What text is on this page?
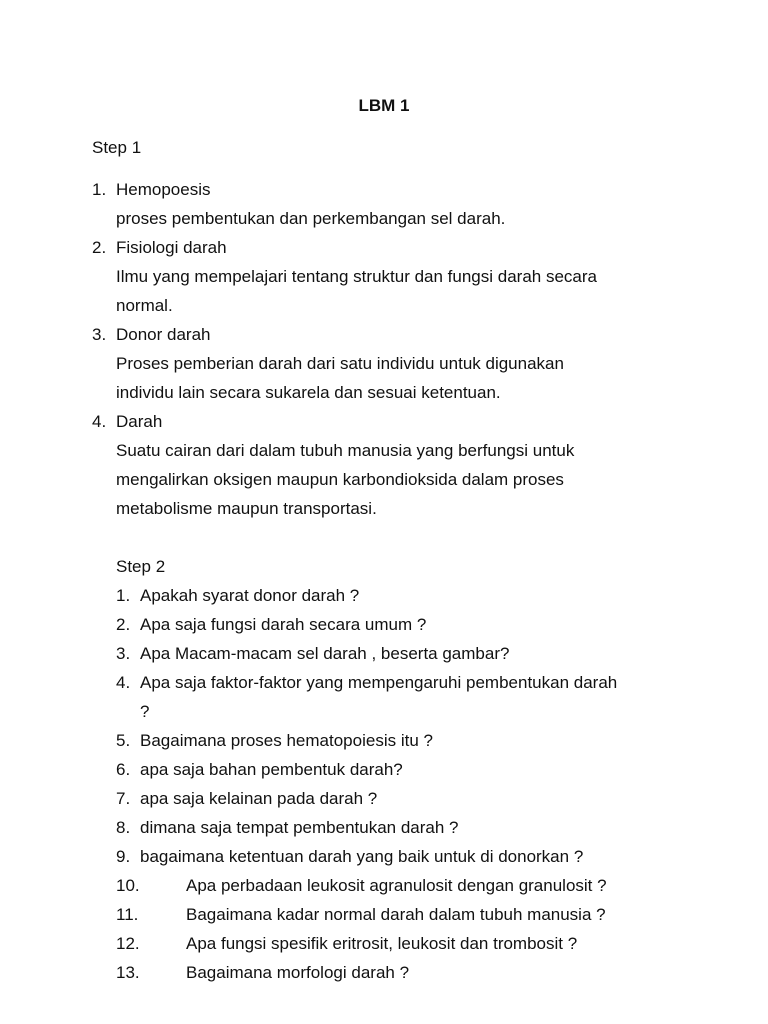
LBM 1
Step 1
1. Hemopoesis
proses pembentukan dan perkembangan sel darah.
2. Fisiologi darah
Ilmu yang mempelajari tentang struktur dan fungsi darah secara
normal.
3. Donor darah
Proses pemberian darah dari satu individu untuk digunakan
individu lain secara sukarela dan sesuai ketentuan.
4. Darah
Suatu cairan dari dalam tubuh manusia yang berfungsi untuk
mengalirkan oksigen maupun karbondioksida dalam proses
metabolisme maupun transportasi.
Step 2
1. Apakah syarat donor darah ?
2. Apa saja fungsi darah secara umum ?
3. Apa Macam-macam sel darah , beserta gambar?
4. Apa saja faktor-faktor yang mempengaruhi pembentukan darah
?
5. Bagaimana proses hematopoiesis itu ?
6. apa saja bahan pembentuk darah?
7. apa saja kelainan pada darah ?
8. dimana saja tempat pembentukan darah ?
9. bagaimana ketentuan darah yang baik untuk di donorkan ?
10.	Apa perbadaan leukosit agranulosit dengan granulosit ?
11.	Bagaimana kadar normal darah dalam tubuh manusia ?
12.	Apa fungsi spesifik eritrosit, leukosit dan trombosit ?
13.	Bagaimana morfologi darah ?
